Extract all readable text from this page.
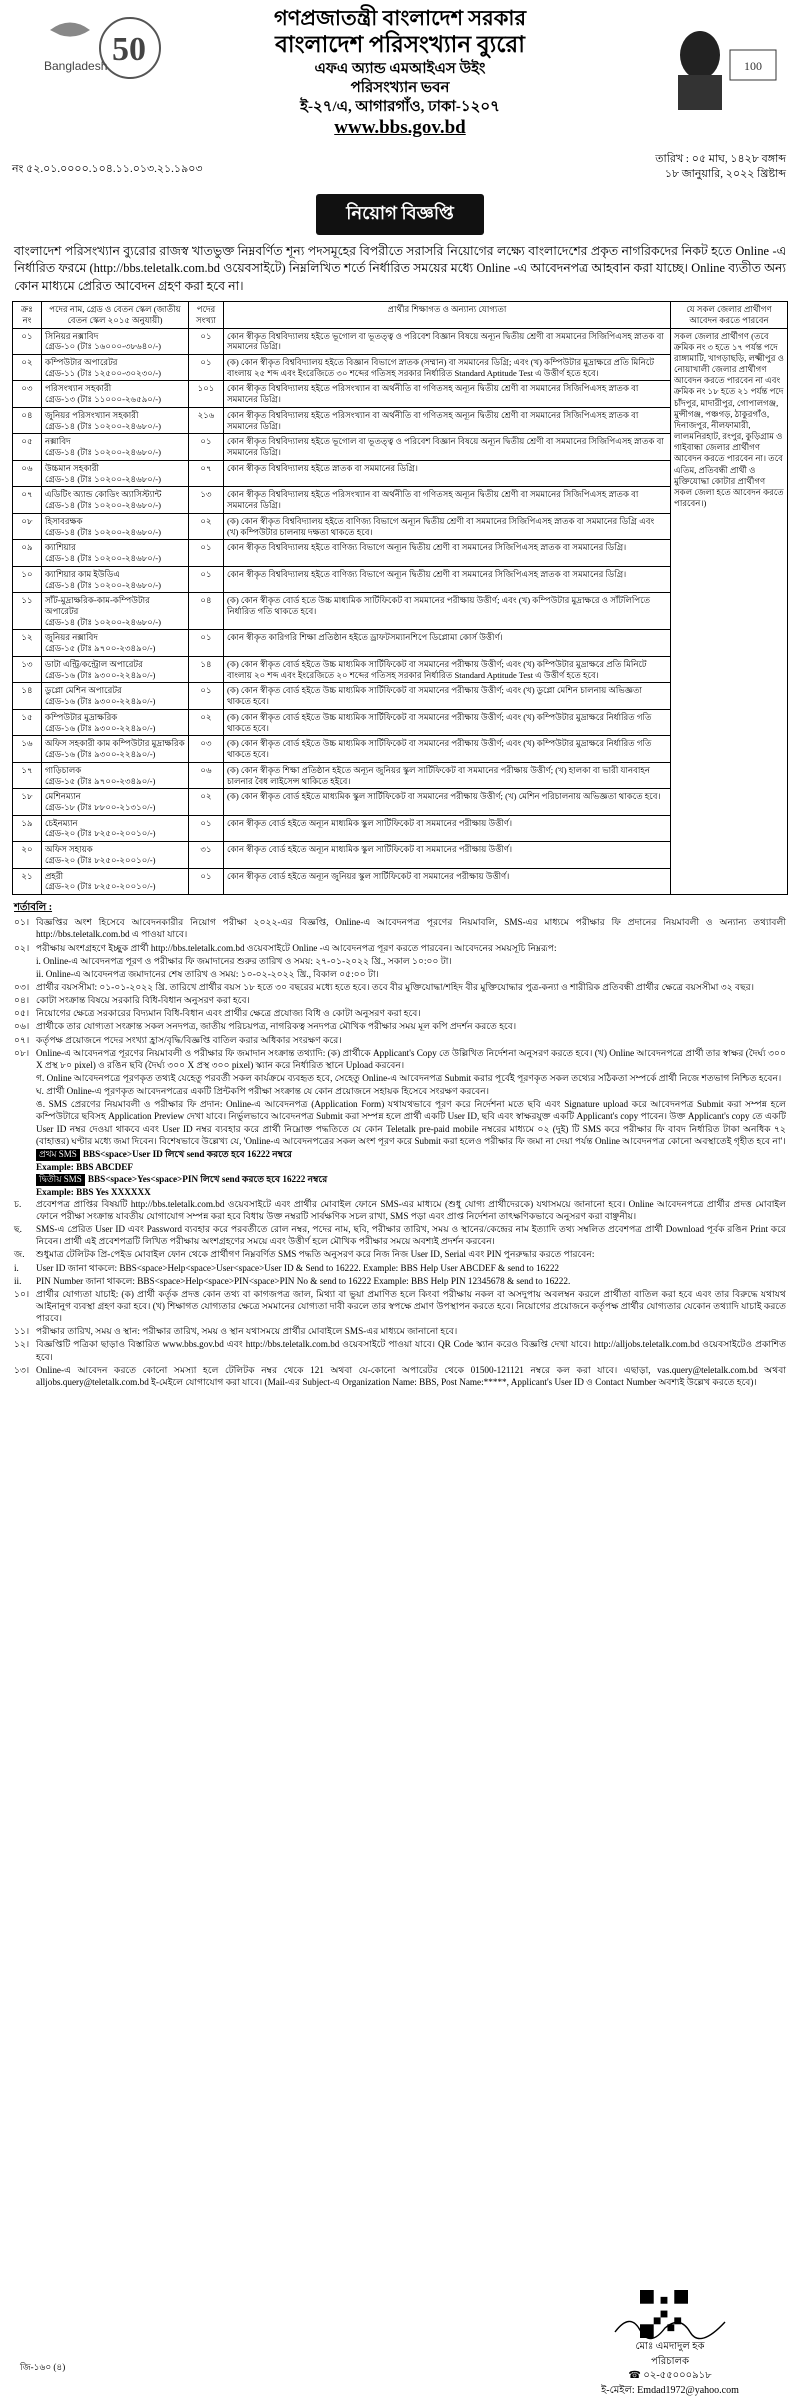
50
Bangladesh
গণপ্রজাতন্ত্রী বাংলাদেশ সরকার
বাংলাদেশ পরিসংখ্যান ব্যুরো
এফএ অ্যান্ড এমআইএস উইং
পরিসংখ্যান ভবন
ই-২৭/এ, আগারগাঁও, ঢাকা-১২০৭
www.bbs.gov.bd
100
নং ৫২.০১.০০০০.১০৪.১১.০১৩.২১.১৯০৩
তারিখ : ০৫ মাঘ, ১৪২৮ বঙ্গাব্দ
১৮ জানুয়ারি, ২০২২ খ্রিষ্টাব্দ
নিয়োগ বিজ্ঞপ্তি
বাংলাদেশ পরিসংখ্যান ব্যুরোর রাজস্ব খাতভুক্ত নিম্নবর্ণিত শূন্য পদসমূহের বিপরীতে সরাসরি নিয়োগের লক্ষ্যে বাংলাদেশের প্রকৃত নাগরিকদের নিকট হতে Online -এ নির্ধারিত ফরমে (http://bbs.teletalk.com.bd ওয়েবসাইটে) নিম্নলিখিত শর্তে নির্ধারিত সময়ের মধ্যে Online -এ আবেদনপত্র আহবান করা যাচ্ছে। Online ব্যতীত অন্য কোন মাধ্যমে প্রেরিত আবেদন গ্রহণ করা হবে না।
ক্রঃ নং	পদের নাম, গ্রেড ও বেতন স্কেল (জাতীয় বেতন স্কেল ২০১৫ অনুযায়ী)	পদের সংখ্যা	প্রার্থীর শিক্ষাগত ও অন্যান্য যোগ্যতা	যে সকল জেলার প্রার্থীগণ আবেদন করতে পারবেন
০১	সিনিয়র নক্সাবিদ
গ্রেড-১০ (টাঃ ১৬০০০-৩৮৬৪০/-)	০১	কোন স্বীকৃত বিশ্ববিদ্যালয় হইতে ভূগোল বা ভূতত্ত্ব ও পরিবেশ বিজ্ঞান বিষয়ে অন্যূন দ্বিতীয় শ্রেণী বা সমমানের সিজিপিএসহ স্নাতক বা সমমানের ডিগ্রি।	সকল জেলার প্রার্থীগণ (তবে ক্রমিক নং ৩ হতে ১৭ পর্যন্ত পদে রাঙ্গামাটি, খাগড়াছড়ি, লক্ষ্মীপুর ও নোয়াখালী জেলার প্রার্থীগণ আবেদন করতে পারবেন না এবং ক্রমিক নং ১৮ হতে ২১ পর্যন্ত পদে চাঁদপুর, মাদারীপুর, গোপালগঞ্জ, মুন্সীগঞ্জ, পঞ্চগড়, ঠাকুরগাঁও, দিনাজপুর, নীলফামারী, লালমনিরহাট, রংপুর, কুড়িগ্রাম ও গাইবান্ধা জেলার প্রার্থীগণ আবেদন করতে পারবেন না। তবে এতিম, প্রতিবন্ধী প্রার্থী ও মুক্তিযোদ্ধা কোটার প্রার্থীগণ সকল জেলা হতে আবেদন করতে পারবেন।)
০২	কম্পিউটার অপারেটর
গ্রেড-১১ (টাঃ ১২৫০০-৩০২৩০/-)	০১	(ক) কোন স্বীকৃত বিশ্ববিদ্যালয় হইতে বিজ্ঞান বিভাগে স্নাতক (সম্মান) বা সমমানের ডিগ্রি; এবং (খ) কম্পিউটার মুদ্রাক্ষরে প্রতি মিনিটে বাংলায় ২৫ শব্দ এবং ইংরেজিতে ৩০ শব্দের গতিসহ সরকার নির্ধারিত Standard Aptitude Test এ উত্তীর্ণ হতে হবে।	
০৩	পরিসংখ্যান সহকারী
গ্রেড-১৩ (টাঃ ১১০০০-২৬৫৯০/-)	১০১	কোন স্বীকৃত বিশ্ববিদ্যালয় হইতে পরিসংখ্যান বা অর্থনীতি বা গণিতসহ অন্যূন দ্বিতীয় শ্রেণী বা সমমানের সিজিপিএসহ স্নাতক বা সমমানের ডিগ্রি।	
০৪	জুনিয়র পরিসংখ্যান সহকারী
গ্রেড-১৪ (টাঃ ১০২০০-২৪৬৮০/-)	২১৬	কোন স্বীকৃত বিশ্ববিদ্যালয় হইতে পরিসংখ্যান বা অর্থনীতি বা গণিতসহ অন্যূন দ্বিতীয় শ্রেণী বা সমমানের সিজিপিএসহ স্নাতক বা সমমানের ডিগ্রি।	
০৫	নক্সাবিদ
গ্রেড-১৪ (টাঃ ১০২০০-২৪৬৮০/-)	০১	কোন স্বীকৃত বিশ্ববিদ্যালয় হইতে ভূগোল বা ভূতত্ত্ব ও পরিবেশ বিজ্ঞান বিষয়ে অন্যূন দ্বিতীয় শ্রেণী বা সমমানের সিজিপিএসহ স্নাতক বা সমমানের ডিগ্রি।	
০৬	উচ্চমান সহকারী
গ্রেড-১৪ (টাঃ ১০২০০-২৪৬৮০/-)	০৭	কোন স্বীকৃত বিশ্ববিদ্যালয় হইতে স্নাতক বা সমমানের ডিগ্রি।	
০৭	এডিটিং অ্যান্ড কোডিং অ্যাসিস্ট্যান্ট
গ্রেড-১৪ (টাঃ ১০২০০-২৪৬৮০/-)	১৩	কোন স্বীকৃত বিশ্ববিদ্যালয় হইতে পরিসংখ্যান বা অর্থনীতি বা গণিতসহ অন্যূন দ্বিতীয় শ্রেণী বা সমমানের সিজিপিএসহ স্নাতক বা সমমানের ডিগ্রি।	
০৮	হিসাবরক্ষক
গ্রেড-১৪ (টাঃ ১০২০০-২৪৬৮০/-)	০২	(ক) কোন স্বীকৃত বিশ্ববিদ্যালয় হইতে বাণিজ্য বিভাগে অন্যূন দ্বিতীয় শ্রেণী বা সমমানের সিজিপিএসহ স্নাতক বা সমমানের ডিগ্রি এবং (খ) কম্পিউটার চালনায় দক্ষতা থাকতে হবে।	
০৯	ক্যাশিয়ার
গ্রেড-১৪ (টাঃ ১০২০০-২৪৬৮০/-)	০১	কোন স্বীকৃত বিশ্ববিদ্যালয় হইতে বাণিজ্য বিভাগে অন্যূন দ্বিতীয় শ্রেণী বা সমমানের সিজিপিএসহ স্নাতক বা সমমানের ডিগ্রি।	
১০	ক্যাশিয়ার কাম ইউডিএ
গ্রেড-১৪ (টাঃ ১০২০০-২৪৬৮০/-)	০১	কোন স্বীকৃত বিশ্ববিদ্যালয় হইতে বাণিজ্য বিভাগে অন্যূন দ্বিতীয় শ্রেণী বা সমমানের সিজিপিএসহ স্নাতক বা সমমানের ডিগ্রি।	
১১	সাঁট-মুদ্রাক্ষরিক-কাম-কম্পিউটার অপারেটর
গ্রেড-১৪ (টাঃ ১০২০০-২৪৬৮০/-)	০৪	(ক) কোন স্বীকৃত বোর্ড হতে উচ্চ মাধ্যমিক সার্টিফিকেট বা সমমানের পরীক্ষায় উত্তীর্ণ; এবং (খ) কম্পিউটার মুদ্রাক্ষরে ও সাঁটলিপিতে নির্ধারিত গতি থাকতে হবে।	
১২	জুনিয়র নক্সাবিদ
গ্রেড-১৫ (টাঃ ৯৭০০-২৩৪৯০/-)	০১	কোন স্বীকৃত কারিগরি শিক্ষা প্রতিষ্ঠান হইতে ড্রাফটসম্যানশিপে ডিপ্লোমা কোর্স উত্তীর্ণ।	
১৩	ডাটা এন্ট্রি/কন্ট্রোল অপারেটর
গ্রেড-১৬ (টাঃ ৯৩০০-২২৪৯০/-)	১৪	(ক) কোন স্বীকৃত বোর্ড হইতে উচ্চ মাধ্যমিক সার্টিফিকেট বা সমমানের পরীক্ষায় উত্তীর্ণ; এবং (খ) কম্পিউটার মুদ্রাক্ষরে প্রতি মিনিটে বাংলায় ২০ শব্দ এবং ইংরেজিতে ২০ শব্দের গতিসহ সরকার নির্ধারিত Standard Aptitude Test এ উত্তীর্ণ হতে হবে।	
১৪	ডুপ্লো মেশিন অপারেটর
গ্রেড-১৬ (টাঃ ৯৩০০-২২৪৯০/-)	০১	(ক) কোন স্বীকৃত বোর্ড হইতে উচ্চ মাধ্যমিক সার্টিফিকেট বা সমমানের পরীক্ষায় উত্তীর্ণ; এবং (খ) ডুপ্লো মেশিন চালনায় অভিজ্ঞতা থাকতে হবে।	
১৫	কম্পিউটার মুদ্রাক্ষরিক
গ্রেড-১৬ (টাঃ ৯৩০০-২২৪৯০/-)	০২	(ক) কোন স্বীকৃত বোর্ড হইতে উচ্চ মাধ্যমিক সার্টিফিকেট বা সমমানের পরীক্ষায় উত্তীর্ণ; এবং (খ) কম্পিউটার মুদ্রাক্ষরে নির্ধারিত গতি থাকতে হবে।	
১৬	অফিস সহকারী কাম কম্পিউটার মুদ্রাক্ষরিক
গ্রেড-১৬ (টাঃ ৯৩০০-২২৪৯০/-)	০৩	(ক) কোন স্বীকৃত বোর্ড হইতে উচ্চ মাধ্যমিক সার্টিফিকেট বা সমমানের পরীক্ষায় উত্তীর্ণ; এবং (খ) কম্পিউটার মুদ্রাক্ষরে নির্ধারিত গতি থাকতে হবে।	
১৭	গাড়িচালক
গ্রেড-১৫ (টাঃ ৯৭০০-২৩৪৯০/-)	০৬	(ক) কোন স্বীকৃত শিক্ষা প্রতিষ্ঠান হইতে অন্যূন জুনিয়র স্কুল সার্টিফিকেট বা সমমানের পরীক্ষায় উত্তীর্ণ; (খ) হালকা বা ভারী যানবাহন চালনার বৈধ লাইসেন্স থাকিতে হইবে।	
১৮	মেশিনম্যান
গ্রেড-১৮ (টাঃ ৮৮০০-২১৩১০/-)	০২	(ক) কোন স্বীকৃত বোর্ড হইতে মাধ্যমিক স্কুল সার্টিফিকেট বা সমমানের পরীক্ষায় উত্তীর্ণ; (খ) মেশিন পরিচালনায় অভিজ্ঞতা থাকতে হবে।	
১৯	চেইনম্যান
গ্রেড-২০ (টাঃ ৮২৫০-২০০১০/-)	০১	কোন স্বীকৃত বোর্ড হইতে অন্যূন মাধ্যমিক স্কুল সার্টিফিকেট বা সমমানের পরীক্ষায় উত্তীর্ণ।	
২০	অফিস সহায়ক
গ্রেড-২০ (টাঃ ৮২৫০-২০০১০/-)	৩১	কোন স্বীকৃত বোর্ড হইতে অন্যূন মাধ্যমিক স্কুল সার্টিফিকেট বা সমমানের পরীক্ষায় উত্তীর্ণ।	
২১	প্রহরী
গ্রেড-২০ (টাঃ ৮২৫০-২০০১০/-)	০১	কোন স্বীকৃত বোর্ড হইতে অন্যূন জুনিয়র স্কুল সার্টিফিকেট বা সমমানের পরীক্ষায় উত্তীর্ণ।	
শর্তাবলি :
০১। বিজ্ঞপ্তির অংশ হিসেবে আবেদনকারীর নিয়োগ পরীক্ষা ২০২২-এর বিজ্ঞপ্তি, Online-এ আবেদনপত্র পূরণের নিয়মাবলি, SMS-এর মাধ্যমে পরীক্ষার ফি প্রদানের নিয়মাবলী ও অন্যান্য তথ্যাবলী http://bbs.teletalk.com.bd এ পাওয়া যাবে।
০২। পরীক্ষায় অংশগ্রহণে ইচ্ছুক প্রার্থী http://bbs.teletalk.com.bd ওয়েবসাইটে Online -এ আবেদনপত্র পূরণ করতে পারবেন। আবেদনের সময়সূচি নিম্নরূপ:
i. Online-এ আবেদনপত্র পূরণ ও পরীক্ষার ফি জমাদানের শুরুর তারিখ ও সময়: ২৭-০১-২০২২ খ্রি., সকাল ১০:০০ টা।
ii. Online-এ আবেদনপত্র জমাদানের শেষ তারিখ ও সময়: ১০-০২-২০২২ খ্রি., বিকাল ০৫:০০ টা।
০৩। প্রার্থীর বয়সসীমা: ০১-০১-২০২২ খ্রি. তারিখে প্রার্থীর বয়স ১৮ হতে ৩০ বছরের মধ্যে হতে হবে। তবে বীর মুক্তিযোদ্ধা/শহিদ বীর মুক্তিযোদ্ধার পুত্র-কন্যা ও শারীরিক প্রতিবন্ধী প্রার্থীর ক্ষেত্রে বয়সসীমা ৩২ বছর।
০৪। কোটা সংক্রান্ত বিষয়ে সরকারি বিধি-বিধান অনুসরণ করা হবে।
০৫। নিয়োগের ক্ষেত্রে সরকারের বিদ্যমান বিধি-বিধান এবং প্রার্থীর ক্ষেত্রে প্রযোজ্য বিধি ও কোটা অনুসরণ করা হবে।
০৬। প্রার্থীকে তার যোগ্যতা সংক্রান্ত সকল সনদপত্র, জাতীয় পরিচয়পত্র, নাগরিকত্ব সনদপত্র মৌখিক পরীক্ষার সময় মূল কপি প্রদর্শন করতে হবে।
০৭। কর্তৃপক্ষ প্রয়োজনে পদের সংখ্যা হ্রাস/বৃদ্ধি/বিজ্ঞপ্তি বাতিল করার অধিকার সংরক্ষণ করে।
০৮। Online-এ আবেদনপত্র পূরণের নিয়মাবলী ও পরীক্ষার ফি জমাদান সংক্রান্ত তথ্যাদি: (ক) প্রার্থীকে Applicant's Copy তে উল্লিখিত নির্দেশনা অনুসরণ করতে হবে। (খ) Online আবেদনপত্রে প্রার্থী তার স্বাক্ষর (দৈর্ঘ্য ৩০০ X প্রস্থ ৮০ pixel) ও রঙিন ছবি (দৈর্ঘ্য ৩০০ X প্রস্থ ৩০০ pixel) স্ক্যান করে নির্ধারিত স্থানে Upload করবেন।
গ. Online আবেদনপত্রে পূরণকৃত তথ্যই যেহেতু পরবর্তী সকল কার্যক্রমে ব্যবহৃত হবে, সেহেতু Online-এ আবেদনপত্র Submit করার পূর্বেই পূরণকৃত সকল তথ্যের সঠিকতা সম্পর্কে প্রার্থী নিজে শতভাগ নিশ্চিত হবেন।
ঘ. প্রার্থী Online-এ পূরণকৃত আবেদনপত্রের একটি প্রিন্টকপি পরীক্ষা সংক্রান্ত যে কোন প্রয়োজনে সহায়ক হিসেবে সংরক্ষণ করবেন।
ঙ. SMS প্রেরণের নিয়মাবলী ও পরীক্ষার ফি প্রদান: Online-এ আবেদনপত্র (Application Form) যথাযথভাবে পূরণ করে নির্দেশনা মতে ছবি এবং Signature upload করে আবেদনপত্র Submit করা সম্পন্ন হলে কম্পিউটারে ছবিসহ Application Preview দেখা যাবে। নির্ভুলভাবে আবেদনপত্র Submit করা সম্পন্ন হলে প্রার্থী একটি User ID, ছবি এবং স্বাক্ষরযুক্ত একটি Applicant's copy পাবেন। উক্ত Applicant's copy তে একটি User ID নম্বর দেওয়া থাকবে এবং User ID নম্বর ব্যবহার করে প্রার্থী নিম্নোক্ত পদ্ধতিতে যে কোন Teletalk pre-paid mobile নম্বরের মাধ্যমে ০২ (দুই) টি SMS করে পরীক্ষার ফি বাবদ নির্ধারিত টাকা অনধিক ৭২ (বাহাত্তর) ঘণ্টার মধ্যে জমা দিবেন। বিশেষভাবে উল্লেখ্য যে, 'Online-এ আবেদনপত্রের সকল অংশ পূরণ করে Submit করা হলেও পরীক্ষার ফি জমা না দেয়া পর্যন্ত Online আবেদনপত্র কোনো অবস্থাতেই গৃহীত হবে না'।
প্রথম SMS BBS<space>User ID লিখে send করতে হবে 16222 নম্বরে
Example: BBS ABCDEF
দ্বিতীয় SMS BBS<space>Yes<space>PIN লিখে send করতে হবে 16222 নম্বরে
Example: BBS Yes XXXXXX
চ.	প্রবেশপত্র প্রাপ্তির বিষয়টি http://bbs.teletalk.com.bd ওয়েবসাইটে এবং প্রার্থীর মোবাইল ফোনে SMS-এর মাধ্যমে (শুধু যোগ্য প্রার্থীদেরকে) যথাসময়ে জানানো হবে। Online আবেদনপত্রে প্রার্থীর প্রদত্ত মোবাইল ফোনে পরীক্ষা সংক্রান্ত যাবতীয় যোগাযোগ সম্পন্ন করা হবে বিধায় উক্ত নম্বরটি সার্বক্ষণিক সচল রাখা, SMS পড়া এবং প্রাপ্ত নির্দেশনা তাৎক্ষণিকভাবে অনুসরণ করা বাঞ্ছনীয়।
ছ.	SMS-এ প্রেরিত User ID এবং Password ব্যবহার করে পরবর্তীতে রোল নম্বর, পদের নাম, ছবি, পরীক্ষার তারিখ, সময় ও স্থানের/কেন্দ্রের নাম ইত্যাদি তথ্য সম্বলিত প্রবেশপত্র প্রার্থী Download পূর্বক রঙিন Print করে নিবেন। প্রার্থী এই প্রবেশপত্রটি লিখিত পরীক্ষায় অংশগ্রহণের সময়ে এবং উত্তীর্ণ হলে মৌখিক পরীক্ষার সময়ে অবশ্যই প্রদর্শন করবেন।
জ.	শুধুমাত্র টেলিটক প্রি-পেইড মোবাইল ফোন থেকে প্রার্থীগণ নিম্নবর্ণিত SMS পদ্ধতি অনুসরণ করে নিজ নিজ User ID, Serial এবং PIN পুনরুদ্ধার করতে পারবেন:
i.	User ID জানা থাকলে: BBS<space>Help<space>User<space>User ID & Send to 16222. Example: BBS Help User ABCDEF & send to 16222
ii.	PIN Number জানা থাকলে: BBS<space>Help<space>PIN<space>PIN No & send to 16222 Example: BBS Help PIN 12345678 & send to 16222.
১০। প্রার্থীর যোগ্যতা যাচাই: (ক) প্রার্থী কর্তৃক প্রদত্ত কোন তথ্য বা কাগজপত্র জাল, মিথ্যা বা ভুয়া প্রমাণিত হলে কিংবা পরীক্ষায় নকল বা অসদুপায় অবলম্বন করলে প্রার্থীতা বাতিল করা হবে এবং তার বিরুদ্ধে যথাযথ আইনানুগ ব্যবস্থা গ্রহণ করা হবে। (খ) শিক্ষাগত যোগ্যতার ক্ষেত্রে সমমানের যোগ্যতা দাবী করলে তার স্বপক্ষে প্রমাণ উপস্থাপন করতে হবে। নিয়োগের প্রয়োজনে কর্তৃপক্ষ প্রার্থীর যোগ্যতার যেকোন তথ্যাদি যাচাই করতে পারবে।
১১। পরীক্ষার তারিখ, সময় ও স্থান: পরীক্ষার তারিখ, সময় ও স্থান যথাসময়ে প্রার্থীর মোবাইলে SMS-এর মাধ্যমে জানানো হবে।
১২। বিজ্ঞপ্তিটি পত্রিকা ছাড়াও বিস্তারিত www.bbs.gov.bd এবং http://bbs.teletalk.com.bd ওয়েবসাইটে পাওয়া যাবে। QR Code স্ক্যান করেও বিজ্ঞপ্তি দেখা যাবে। http://alljobs.teletalk.com.bd ওয়েবসাইটেও প্রকাশিত হবে।
১৩। Online-এ আবেদন করতে কোনো সমস্যা হলে টেলিটক নম্বর থেকে 121 অথবা যে-কোনো অপারেটর থেকে 01500-121121 নম্বরে কল করা যাবে। এছাড়া, vas.query@teletalk.com.bd অথবা alljobs.query@teletalk.com.bd ই-মেইলে যোগাযোগ করা যাবে। (Mail-এর Subject-এ Organization Name: BBS, Post Name:*****, Applicant's User ID ও Contact Number অবশ্যই উল্লেখ করতে হবে)।
মোঃ এমদাদুল হক
পরিচালক
☎ ০২-৫৫০০০৯১৮
ই-মেইল: Emdad1972@yahoo.com
জি-১৬০ (৪)
